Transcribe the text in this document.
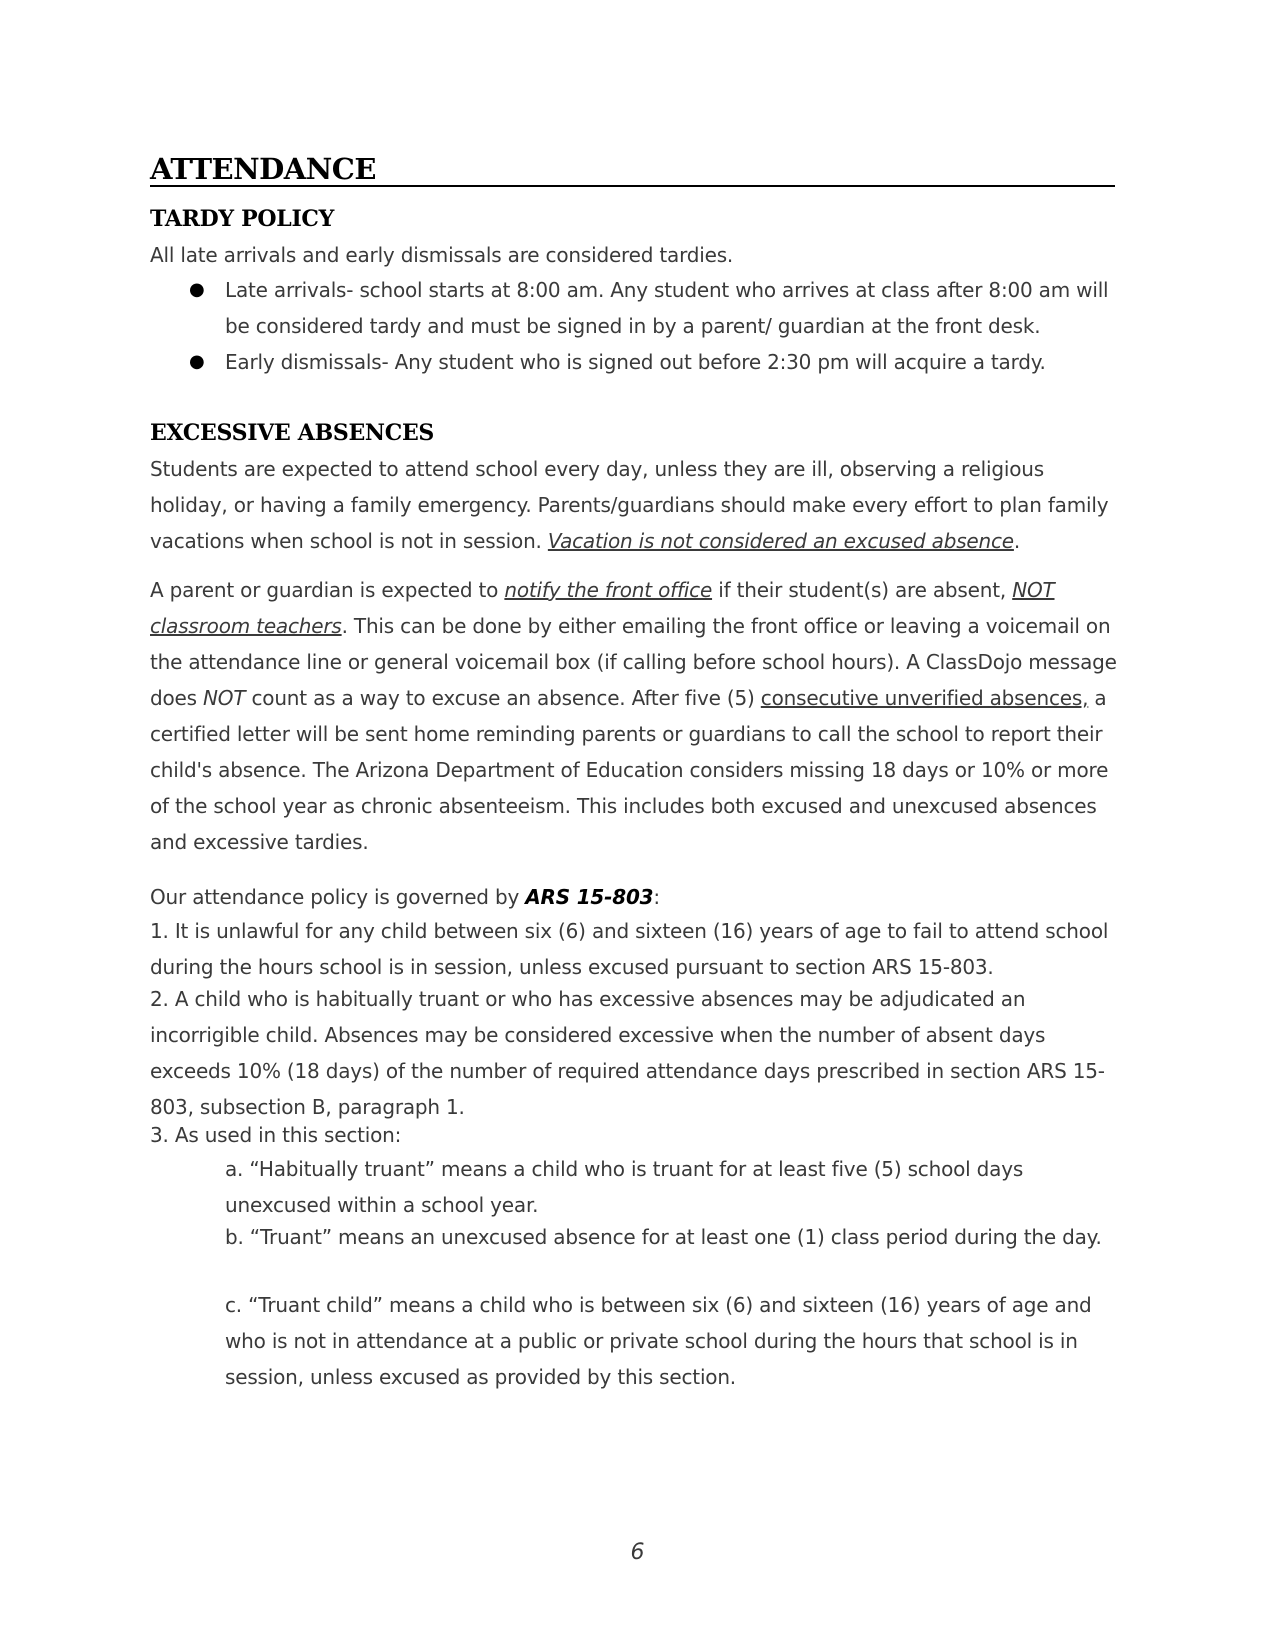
ATTENDANCE
TARDY POLICY

All late arrivals and early dismissals are considered tardies.

● Late arrivals- school starts at 8:00 am. Any student who arrives at class after 8:00 am will be considered tardy and must be signed in by a parent/ guardian at the front desk.
● Early dismissals- Any student who is signed out before 2:30 pm will acquire a tardy.
EXCESSIVE ABSENCES

Students are expected to attend school every day, unless they are ill, observing a religious holiday, or having a family emergency. Parents/guardians should make every effort to plan family vacations when school is not in session. Vacation is not considered an excused absence.

A parent or guardian is expected to notify the front office if their student(s) are absent, NOT classroom teachers. This can be done by either emailing the front office or leaving a voicemail on the attendance line or general voicemail box (if calling before school hours). A ClassDojo message does NOT count as a way to excuse an absence. After five (5) consecutive unverified absences, a certified letter will be sent home reminding parents or guardians to call the school to report their child's absence. The Arizona Department of Education considers missing 18 days or 10% or more of the school year as chronic absenteeism. This includes both excused and unexcused absences and excessive tardies.

Our attendance policy is governed by ARS 15-803:

1. It is unlawful for any child between six (6) and sixteen (16) years of age to fail to attend school during the hours school is in session, unless excused pursuant to section ARS 15-803.

2. A child who is habitually truant or who has excessive absences may be adjudicated an incorrigible child. Absences may be considered excessive when the number of absent days exceeds 10% (18 days) of the number of required attendance days prescribed in section ARS 15-803, subsection B, paragraph 1.

3. As used in this section:

a. “Habitually truant” means a child who is truant for at least five (5) school days unexcused within a school year.

b. “Truant” means an unexcused absence for at least one (1) class period during the day.

c. “Truant child” means a child who is between six (6) and sixteen (16) years of age and who is not in attendance at a public or private school during the hours that school is in session, unless excused as provided by this section.

6
